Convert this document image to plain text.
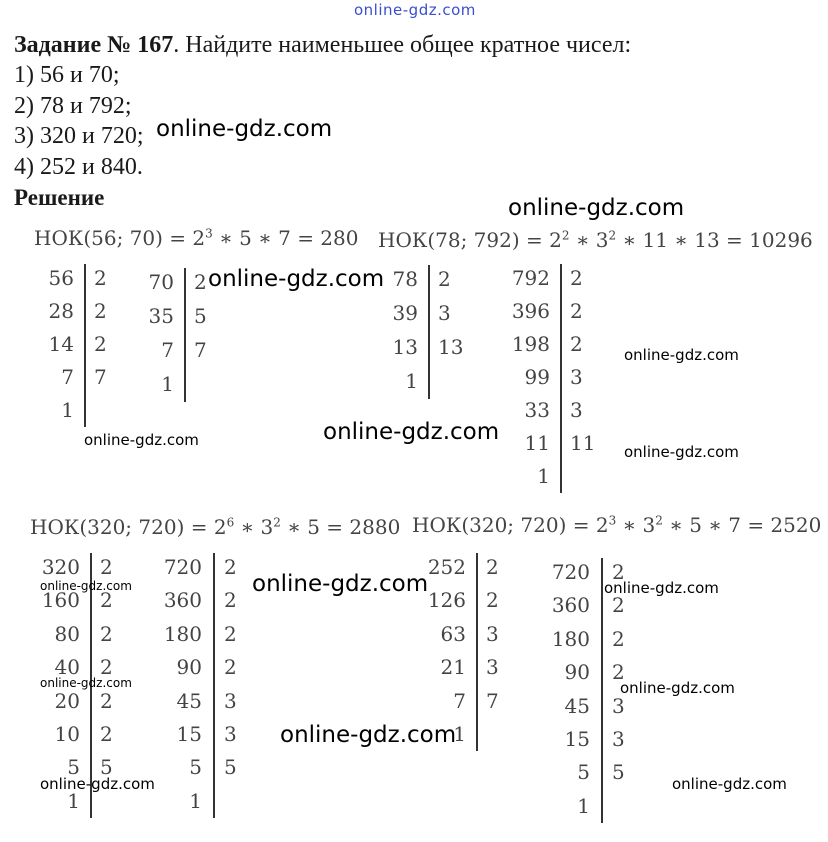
online-gdz.com
Задание № 167. Найдите наименьшее общее кратное чисел:
1) 56 и 70;
2) 78 и 792;
3) 320 и 720;
4) 252 и 840.
Решение
НОК(56; $70) = 2^3$ ∗ 5 ∗ 7 = 280 НОК(78; $792) = 2^2$ ∗ $3^2$ ∗ 11 ∗ 13 = 10296
НОК(320; $720) = 2^6$ ∗ $3^2$ ∗ 5 = 2880 НОК(320; $720) = 2^3$ ∗ $3^2$ ∗ 5 ∗ 7 = 2520
56 2
28 2
14 2
7 7
1
70 2
35 5
7 7
1
78 2
39 3
13 13
1
792 2
396 2
198 2
99 3
33 3
11 11
1
320 2
160 2
80 2
40 2
20 2
10 2
5 5
1
720 2
360 2
180 2
90 2
45 3
15 3
5 5
1
252 2
126 2
63 3
21 3
7 7
1
720 2
360 2
180 2
90 2
45 3
15 3
5 5
1
online-gdz.com
online-gdz.com
online-gdz.com
online-gdz.com
online-gdz.com	online-gdz.com
online-gdz.com
online-gdz.com
online-gdz.com	online-gdz.com
online-gdz.com	online-gdz.com
online-gdz.com
online-gdz.com	online-gdz.com
